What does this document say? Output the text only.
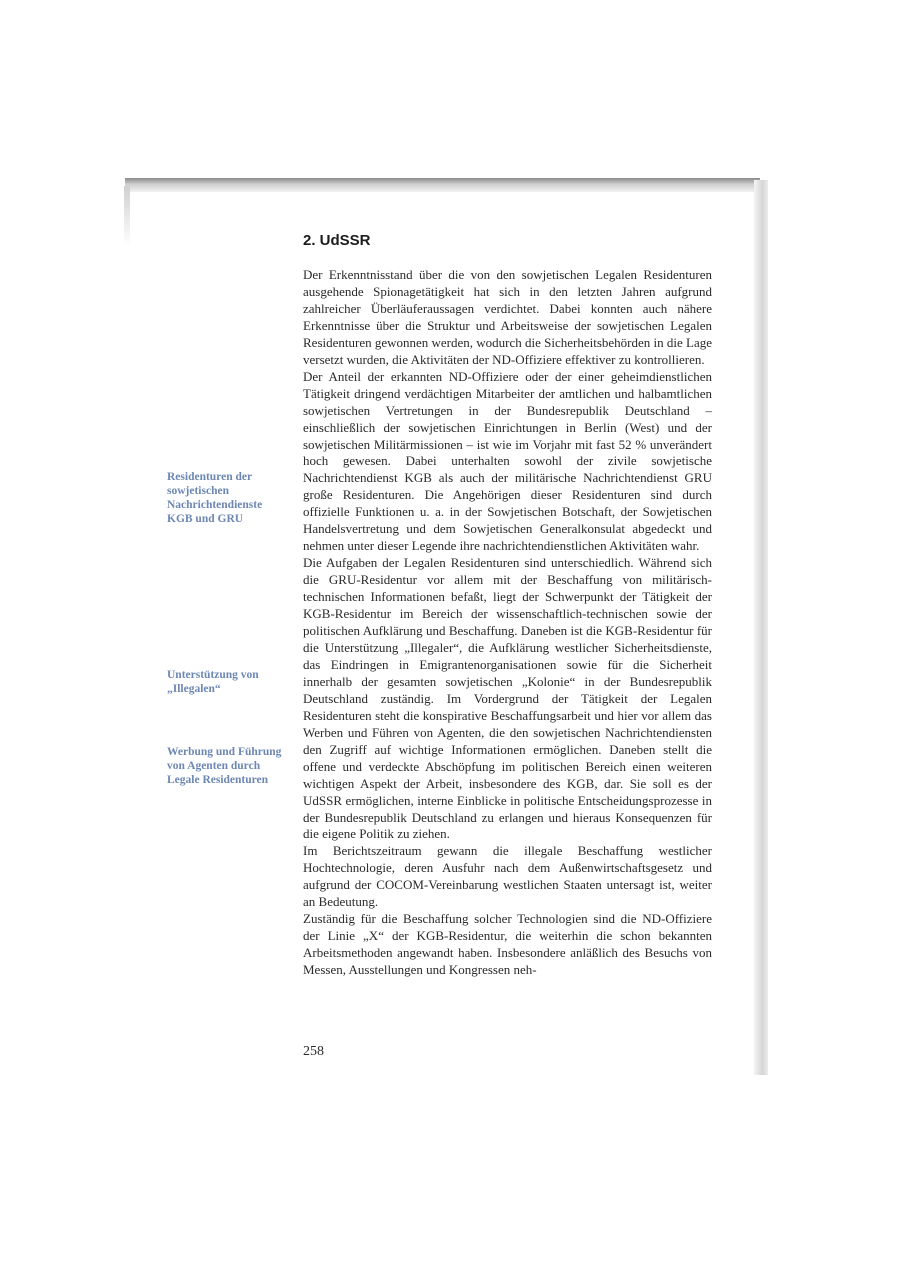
2. UdSSR

Residenturen der sowjetischen Nachrichtendienste KGB und GRU

Unterstützung von „Illegalen“

Werbung und Führung von Agenten durch Legale Residenturen

Der Erkenntnisstand über die von den sowjetischen Legalen Residenturen ausgehende Spionagetätigkeit hat sich in den letzten Jahren aufgrund zahlreicher Überläuferaussagen verdichtet. Dabei konnten auch nähere Erkenntnisse über die Struktur und Arbeitsweise der sowjetischen Legalen Residenturen gewonnen werden, wodurch die Sicherheitsbehörden in die Lage versetzt wurden, die Aktivitäten der ND-Offiziere effektiver zu kontrollieren.

Der Anteil der erkannten ND-Offiziere oder der einer geheimdienstlichen Tätigkeit dringend verdächtigen Mitarbeiter der amtlichen und halbamtlichen sowjetischen Vertretungen in der Bundesrepublik Deutschland – einschließlich der sowjetischen Einrichtungen in Berlin (West) und der sowjetischen Militärmissionen – ist wie im Vorjahr mit fast 52 % unverändert hoch gewesen. Dabei unterhalten sowohl der zivile sowjetische Nachrichtendienst KGB als auch der militärische Nachrichtendienst GRU große Residenturen. Die Angehörigen dieser Residenturen sind durch offizielle Funktionen u. a. in der Sowjetischen Botschaft, der Sowjetischen Handelsvertretung und dem Sowjetischen Generalkonsulat abgedeckt und nehmen unter dieser Legende ihre nachrichtendienstlichen Aktivitäten wahr.

Die Aufgaben der Legalen Residenturen sind unterschiedlich. Während sich die GRU-Residentur vor allem mit der Beschaffung von militärisch-technischen Informationen befaßt, liegt der Schwerpunkt der Tätigkeit der KGB-Residentur im Bereich der wissenschaftlich-technischen sowie der politischen Aufklärung und Beschaffung. Daneben ist die KGB-Residentur für die Unterstützung „Illegaler“, die Aufklärung westlicher Sicherheitsdienste, das Eindringen in Emigrantenorganisationen sowie für die Sicherheit innerhalb der gesamten sowjetischen „Kolonie“ in der Bundesrepublik Deutschland zuständig. Im Vordergrund der Tätigkeit der Legalen Residenturen steht die konspirative Beschaffungsarbeit und hier vor allem das Werben und Führen von Agenten, die den sowjetischen Nachrichtendiensten den Zugriff auf wichtige Informationen ermöglichen. Daneben stellt die offene und verdeckte Abschöpfung im politischen Bereich einen weiteren wichtigen Aspekt der Arbeit, insbesondere des KGB, dar. Sie soll es der UdSSR ermöglichen, interne Einblicke in politische Entscheidungsprozesse in der Bundesrepublik Deutschland zu erlangen und hieraus Konsequenzen für die eigene Politik zu ziehen.

Im Berichtszeitraum gewann die illegale Beschaffung westlicher Hochtechnologie, deren Ausfuhr nach dem Außenwirtschaftsgesetz und aufgrund der COCOM-Vereinbarung westlichen Staaten untersagt ist, weiter an Bedeutung.

Zuständig für die Beschaffung solcher Technologien sind die ND-Offiziere der Linie „X“ der KGB-Residentur, die weiterhin die schon bekannten Arbeitsmethoden angewandt haben. Insbesondere anläßlich des Besuchs von Messen, Ausstellungen und Kongressen neh-

258
